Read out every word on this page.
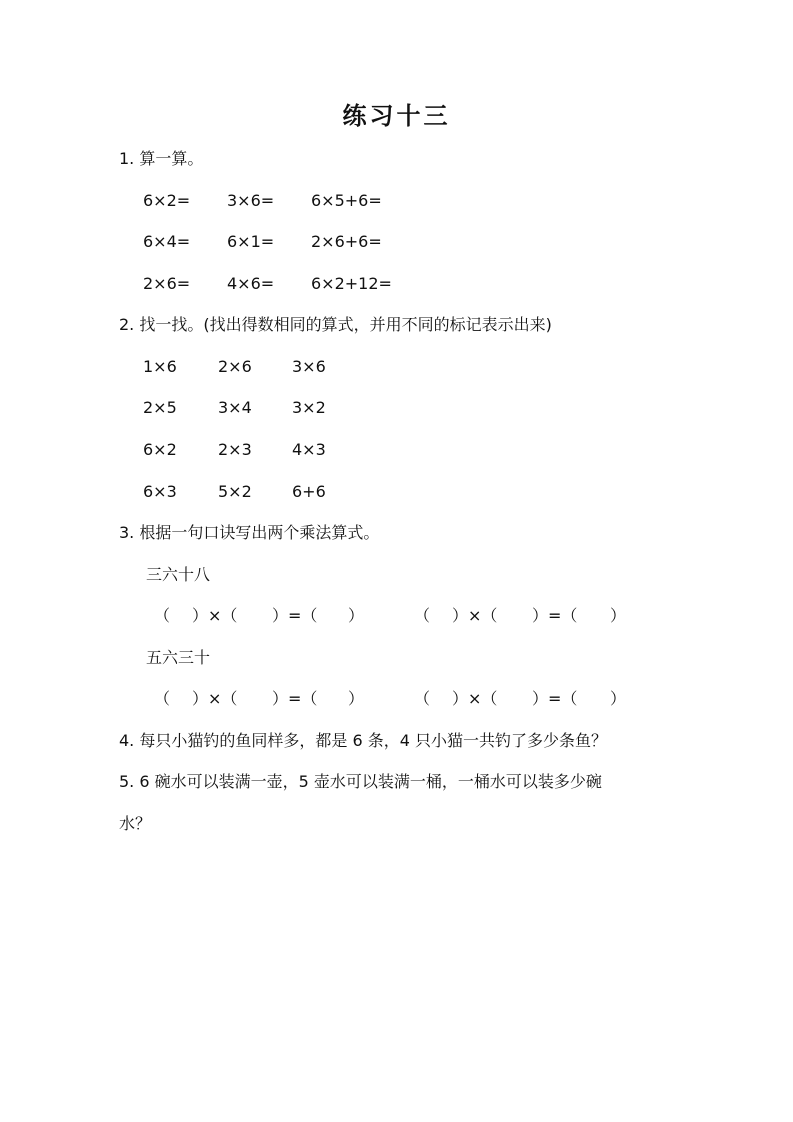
练习十三
1. 算一算。
6×2= 3×6= 6×5+6=
6×4= 6×1= 2×6+6=
2×6= 4×6= 6×2+12=
2. 找一找。(找出得数相同的算式，并用不同的标记表示出来)
1×6	2×6	3×6
2×5	3×4	3×2
6×2	2×3	4×3
6×3	5×2	6+6
3. 根据一句口诀写出两个乘法算式。
三六十八
（ ）×（ ）=（ ）	（ ）×（ ）=（ ）
五六三十
（ ）×（ ）=（ ）	（ ）×（ ）=（ ）
4. 每只小猫钓的鱼同样多，都是 6 条，4 只小猫一共钓了多少条鱼？
5. 6 碗水可以装满一壶，5 壶水可以装满一桶，一桶水可以装多少碗
水？
